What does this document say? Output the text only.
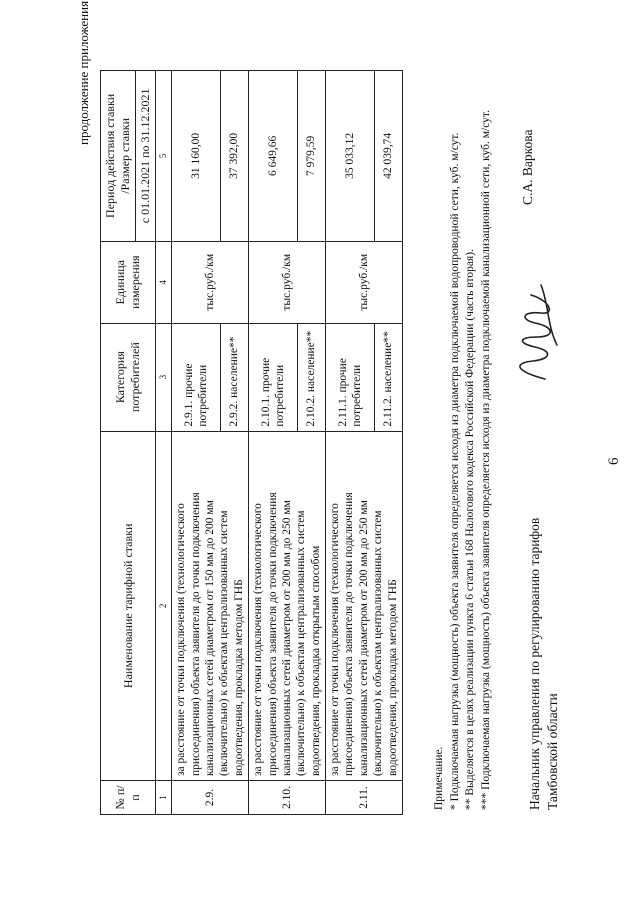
6
продолжение приложения
№ п/п	Наименование тарифной ставки	Категория потребителей	Единица измерения	Период действия ставки /Размер ставки с 01.01.2021 по 31.12.2021

1	2	3	4	5
2.9.	за расстояние от точки подключения (технологического присоединения) объекта заявителя до точки подключения канализационных сетей диаметром от 150 мм до 200 мм (включительно) к объектам централизованных систем водоотведения, прокладка методом ГНБ	2.9.1. прочие потребители	тыс.руб./км	31 160,00
		2.9.2. население**		37 392,00
2.10.	за расстояние от точки подключения (технологического присоединения) объекта заявителя до точки подключения канализационных сетей диаметром от 200 мм до 250 мм (включительно) к объектам централизованных систем водоотведения, прокладка открытым способом	2.10.1. прочие потребители	тыс.руб./км	6 649,66
		2.10.2. население**		7 979,59
2.11.	за расстояние от точки подключения (технологического присоединения) объекта заявителя до точки подключения канализационных сетей диаметром от 200 мм до 250 мм (включительно) к объектам централизованных систем водоотведения, прокладка методом ГНБ	2.11.1. прочие потребители	тыс.руб./км	35 033,12
		2.11.2. население**		42 039,74
Примечание. * Подключаемая нагрузка (мощность) объекта заявителя определяется исходя из диаметра подключаемой водопроводной сети, куб. м/сут. ** Выделяется в целях реализации пункта 6 статьи 168 Налогового кодекса Российской Федерации (часть вторая). *** Подключаемая нагрузка (мощность) объекта заявителя определяется исходя из диаметра подключаемой канализационной сети, куб. м/сут.	Начальник управления по регулированию тарифов Тамбовской области
С.А. Варкова
